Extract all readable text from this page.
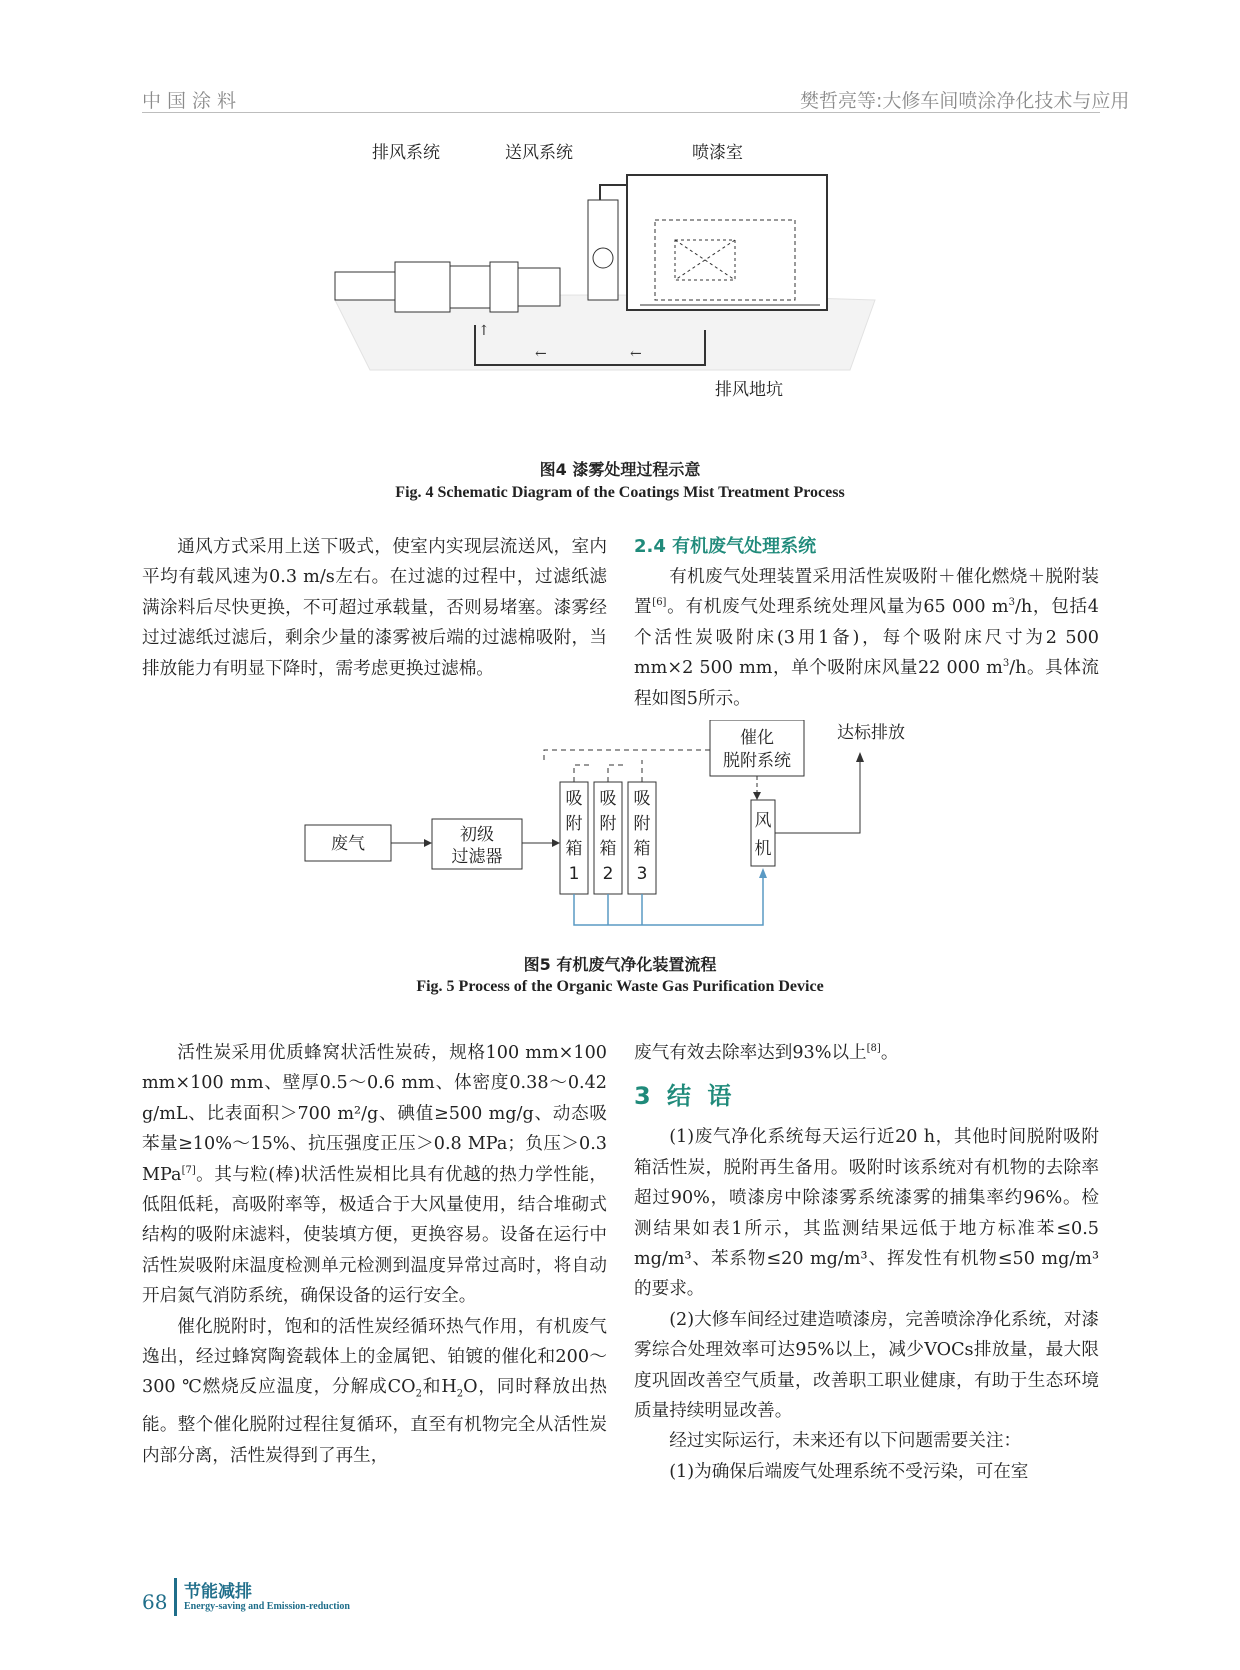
中国涂料	樊哲亮等:大修车间喷涂净化技术与应用
排风系统	送风系统	喷漆室
↑
←	←
排风地坑
图4 漆雾处理过程示意
Fig. 4 Schematic Diagram of the Coatings Mist Treatment Process

通风方式采用上送下吸式，使室内实现层流送风，室内平均有载风速为0.3 m/s左右。在过滤的过程中，过滤纸滤满涂料后尽快更换，不可超过承载量，否则易堵塞。漆雾经过过滤纸过滤后，剩余少量的漆雾被后端的过滤棉吸附，当排放能力有明显下降时，需考虑更换过滤棉。

2.4 有机废气处理系统

有机废气处理装置采用活性炭吸附＋催化燃烧＋脱附装置[6]。有机废气处理系统处理风量为65 000 $m^3/h$，包括4个活性炭吸附床(3用1备)，每个吸附床尺寸为2 500 mm×2 500 mm，单个吸附床风量22 000 $m^3/h$。具体流程如图5所示。

废气	初级
过滤器
吸附箱 1
吸附箱 2
吸附箱 3
催化
脱附系统
风
机
达标排放
图5 有机废气净化装置流程
Fig. 5 Process of the Organic Waste Gas Purification Device

活性炭采用优质蜂窝状活性炭砖，规格100 mm×100 mm×100 mm、壁厚0.5～0.6 mm、体密度0.38～0.42 g/mL、比表面积＞700 m²/g、碘值≥500 mg/g、动态吸苯量≥10%～15%、抗压强度正压＞0.8 MPa；负压＞0.3 MPa[7]。其与粒(棒)状活性炭相比具有优越的热力学性能，低阻低耗，高吸附率等，极适合于大风量使用，结合堆砌式结构的吸附床滤料，使装填方便，更换容易。设备在运行中活性炭吸附床温度检测单元检测到温度异常过高时，将自动开启氮气消防系统，确保设备的运行安全。

催化脱附时，饱和的活性炭经循环热气作用，有机废气逸出，经过蜂窝陶瓷载体上的金属钯、铂镀的催化和200～300 ℃燃烧反应温度，分解成$CO_2$和$H_2O$，同时释放出热能。整个催化脱附过程往复循环，直至有机物完全从活性炭内部分离，活性炭得到了再生，

废气有效去除率达到93%以上[8]。

3 结 语

(1)废气净化系统每天运行近20 h，其他时间脱附吸附箱活性炭，脱附再生备用。吸附时该系统对有机物的去除率超过90%，喷漆房中除漆雾系统漆雾的捕集率约96%。检测结果如表1所示，其监测结果远低于地方标准苯≤0.5 mg/m³、苯系物≤20 mg/m³、挥发性有机物≤50 mg/m³的要求。

(2)大修车间经过建造喷漆房，完善喷涂净化系统，对漆雾综合处理效率可达95%以上，减少VOCs排放量，最大限度巩固改善空气质量，改善职工职业健康，有助于生态环境质量持续明显改善。

经过实际运行，未来还有以下问题需要关注：

(1)为确保后端废气处理系统不受污染，可在室

68 节能减排
Energy-saving and Emission-reduction
